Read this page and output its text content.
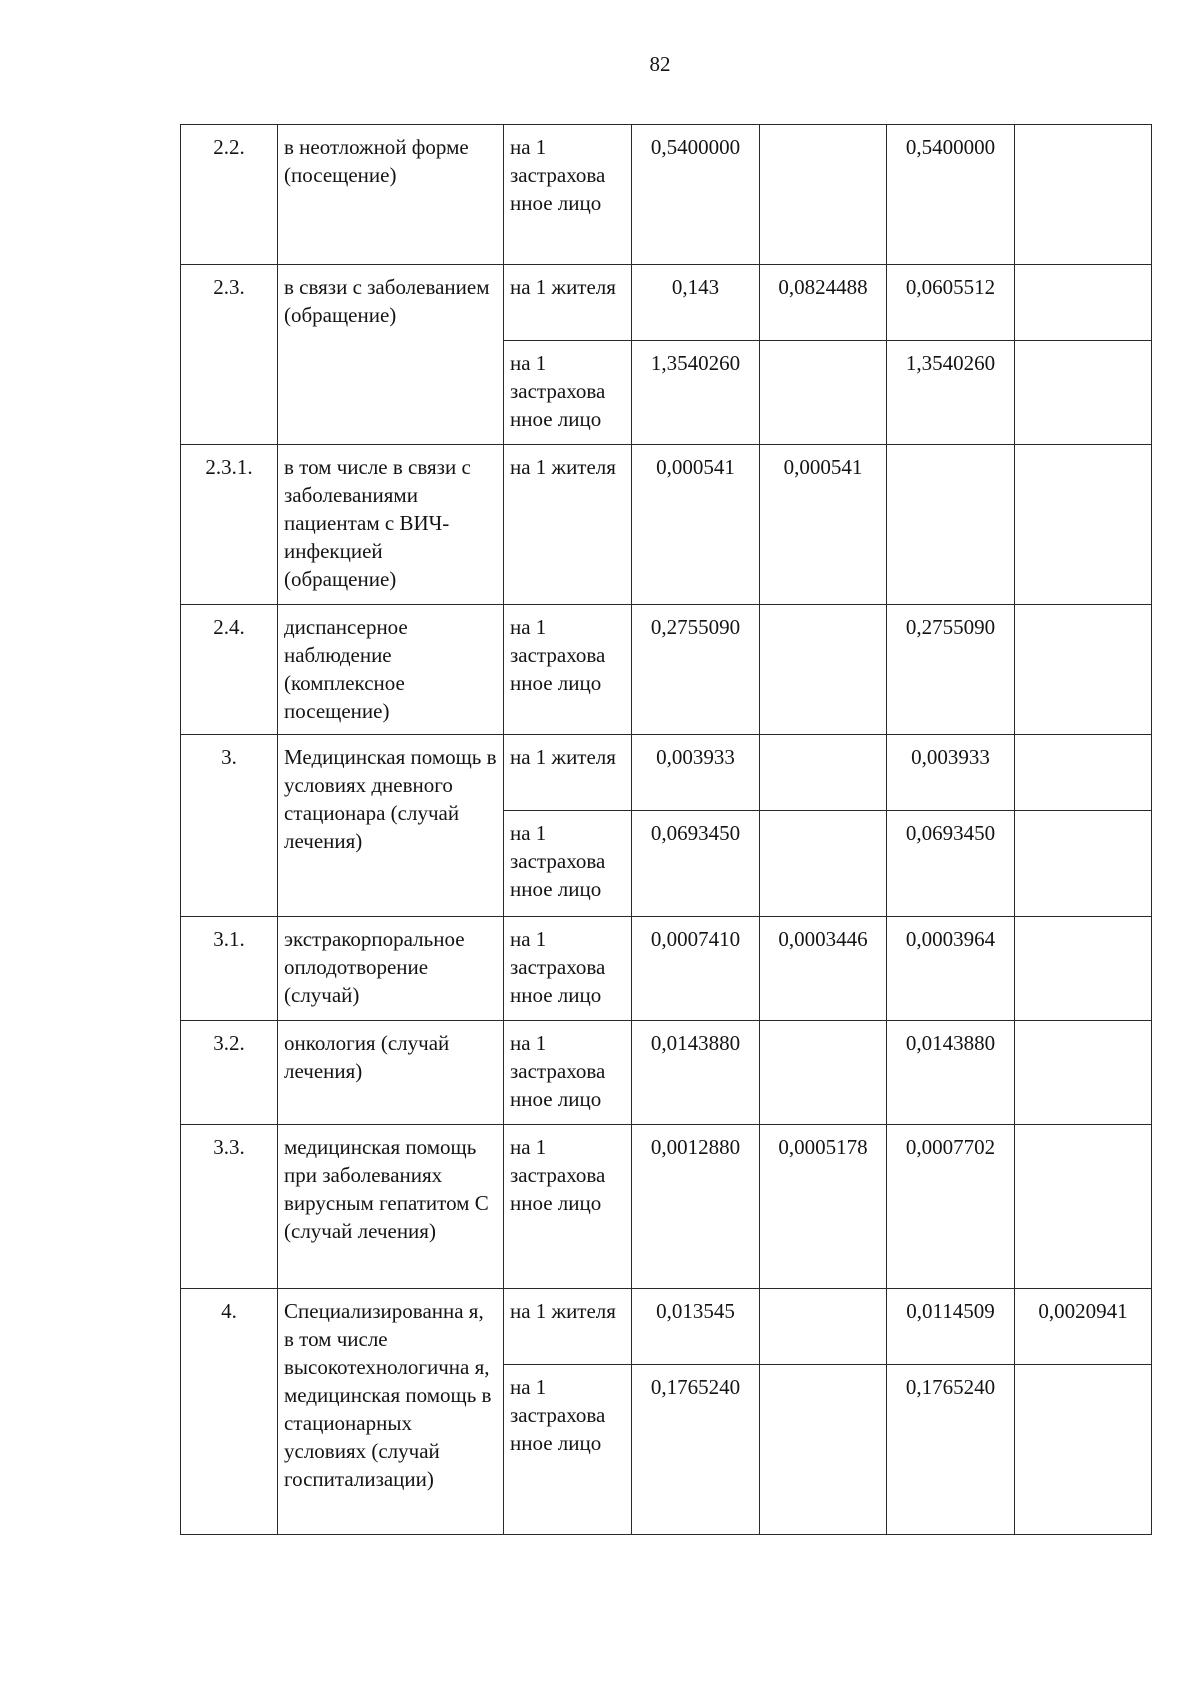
82
2.2.	в неотложной форме (посещение)	на 1 застрахова нное лицо	0,5400000		0,5400000	
2.3.	в связи с заболеванием (обращение)	на 1 жителя	0,143	0,0824488	0,0605512	
		на 1 застрахова нное лицо	1,3540260		1,3540260	
2.3.1.	в том числе в связи с заболеваниями пациентам с ВИЧ-инфекцией (обращение)	на 1 жителя	0,000541	0,000541		
2.4.	диспансерное наблюдение (комплексное посещение)	на 1 застрахова нное лицо	0,2755090		0,2755090	
3.	Медицинская помощь в условиях дневного стационара (случай лечения)	на 1 жителя	0,003933		0,003933	
		на 1 застрахова нное лицо	0,0693450		0,0693450	
3.1.	экстракорпоральное оплодотворение (случай)	на 1 застрахова нное лицо	0,0007410	0,0003446	0,0003964	
3.2.	онкология (случай лечения)	на 1 застрахова нное лицо	0,0143880		0,0143880	
3.3.	медицинская помощь при заболеваниях вирусным гепатитом С (случай лечения)	на 1 застрахова нное лицо	0,0012880	0,0005178	0,0007702	
4.	Специализированна я, в том числе высокотехнологична я, медицинская помощь в стационарных условиях (случай госпитализации)	на 1 жителя	0,013545		0,0114509	0,0020941
		на 1 застрахова нное лицо	0,1765240		0,1765240	
